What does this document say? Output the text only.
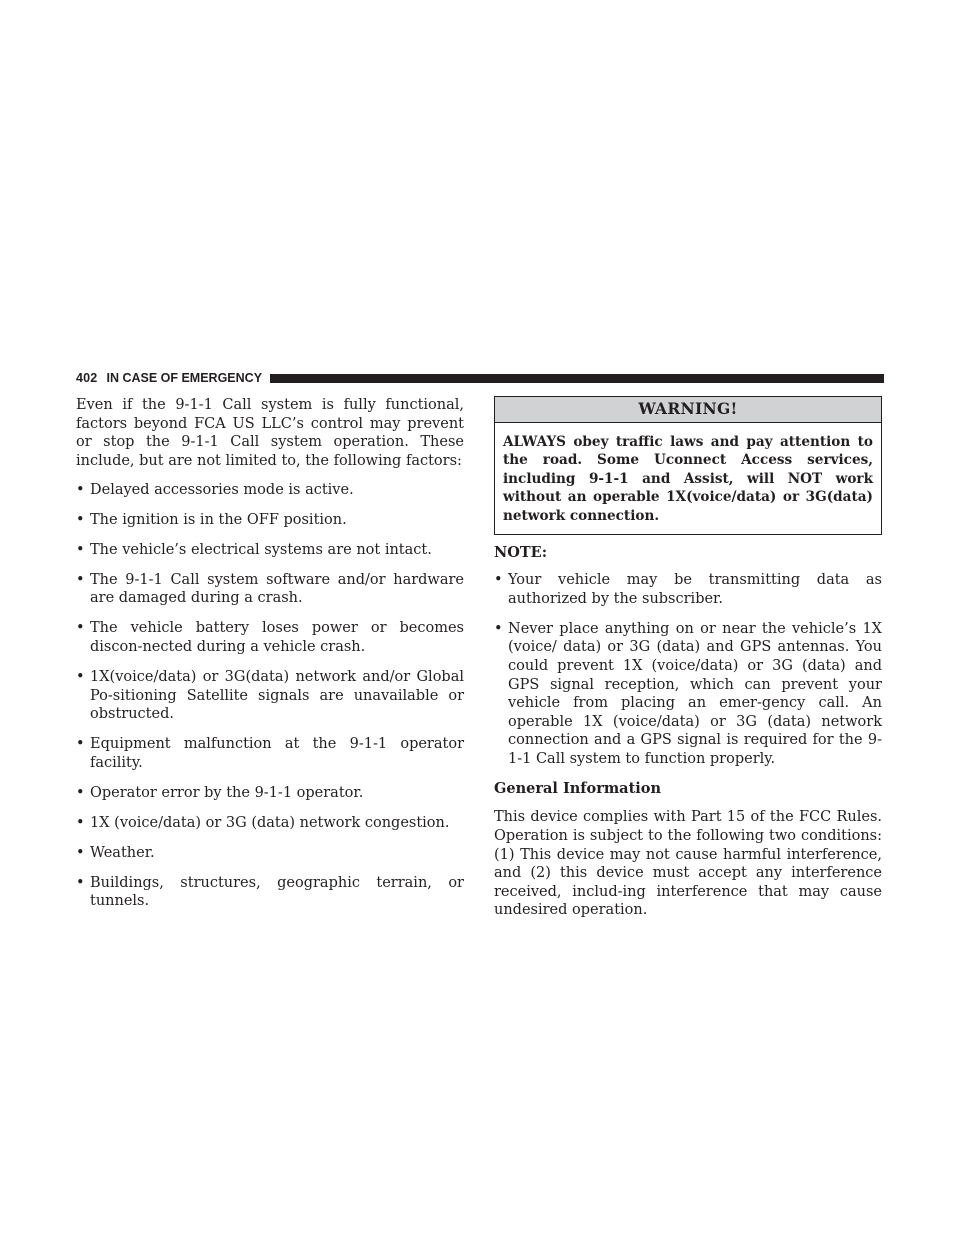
402 IN CASE OF EMERGENCY

Even if the 9-1-1 Call system is fully functional, factors beyond FCA US LLC’s control may prevent or stop the 9-1-1 Call system operation. These include, but are not limited to, the following factors:

• Delayed accessories mode is active.
• The ignition is in the OFF position.
• The vehicle’s electrical systems are not intact.
• The 9-1-1 Call system software and/or hardware are damaged during a crash.
• The vehicle battery loses power or becomes discon-nected during a vehicle crash.
• 1X(voice/data) or 3G(data) network and/or Global Po-sitioning Satellite signals are unavailable or obstructed.
• Equipment malfunction at the 9-1-1 operator facility.
• Operator error by the 9-1-1 operator.
• 1X (voice/data) or 3G (data) network congestion.
• Weather.
• Buildings, structures, geographic terrain, or tunnels.
WARNING!
ALWAYS obey traffic laws and pay attention to the road. Some Uconnect Access services, including 9-1-1 and Assist, will NOT work without an operable 1X(voice/data) or 3G(data) network connection.
NOTE:
• Your vehicle may be transmitting data as authorized by the subscriber.
• Never place anything on or near the vehicle’s 1X (voice/ data) or 3G (data) and GPS antennas. You could prevent 1X (voice/data) or 3G (data) and GPS signal reception, which can prevent your vehicle from placing an emer-gency call. An operable 1X (voice/data) or 3G (data) network connection and a GPS signal is required for the 9-1-1 Call system to function properly.
General Information

This device complies with Part 15 of the FCC Rules. Operation is subject to the following two conditions: (1) This device may not cause harmful interference, and (2) this device must accept any interference received, includ-ing interference that may cause undesired operation.
